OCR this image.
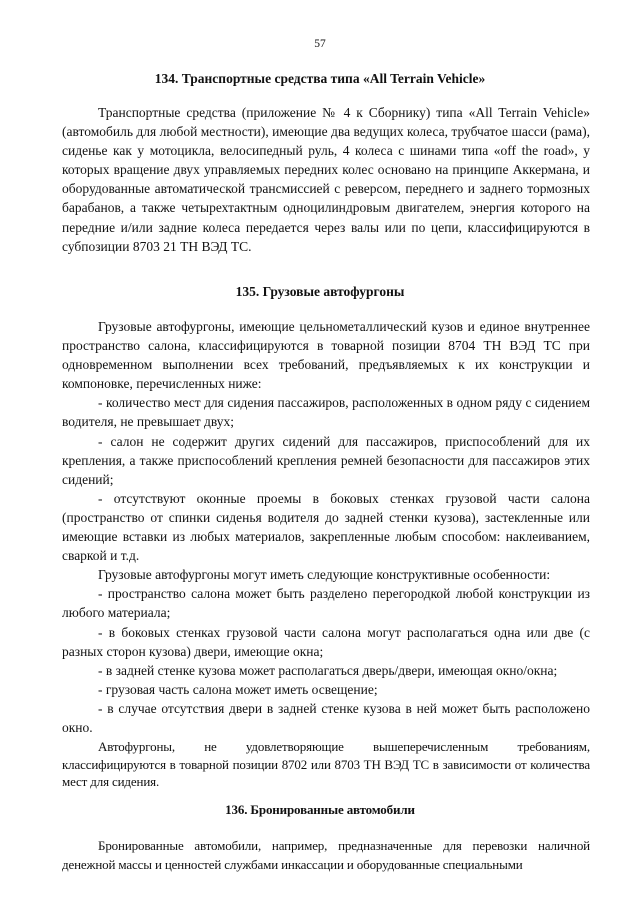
57
134. Транспортные средства типа «All Terrain Vehicle»

Транспортные средства (приложение № 4 к Сборнику) типа «All Terrain Vehicle» (автомобиль для любой местности), имеющие два ведущих колеса, трубчатое шасси (рама), сиденье как у мотоцикла, велосипедный руль, 4 колеса с шинами типа «off the road», у которых вращение двух управляемых передних колес основано на принципе Аккермана, и оборудованные автоматической трансмиссией с реверсом, переднего и заднего тормозных барабанов, а также четырехтактным одноцилиндровым двигателем, энергия которого на передние и/или задние колеса передается через валы или по цепи, классифицируются в субпозиции 8703 21 ТН ВЭД ТС.

135. Грузовые автофургоны

Грузовые автофургоны, имеющие цельнометаллический кузов и единое внутреннее пространство салона, классифицируются в товарной позиции 8704 ТН ВЭД ТС при одновременном выполнении всех требований, предъявляемых к их конструкции и компоновке, перечисленных ниже:

- количество мест для сидения пассажиров, расположенных в одном ряду с сидением водителя, не превышает двух;

- салон не содержит других сидений для пассажиров, приспособлений для их крепления, а также приспособлений крепления ремней безопасности для пассажиров этих сидений;

- отсутствуют оконные проемы в боковых стенках грузовой части салона (пространство от спинки сиденья водителя до задней стенки кузова), застекленные или имеющие вставки из любых материалов, закрепленные любым способом: наклеиванием, сваркой и т.д.

Грузовые автофургоны могут иметь следующие конструктивные особенности:

- пространство салона может быть разделено перегородкой любой конструкции из любого материала;

- в боковых стенках грузовой части салона могут располагаться одна или две (с разных сторон кузова) двери, имеющие окна;

- в задней стенке кузова может располагаться дверь/двери, имеющая окно/окна;

- грузовая часть салона может иметь освещение;

- в случае отсутствия двери в задней стенке кузова в ней может быть расположено окно.

Автофургоны, не удовлетворяющие вышеперечисленным требованиям, классифицируются в товарной позиции 8702 или 8703 ТН ВЭД ТС в зависимости от количества мест для сидения.

136. Бронированные автомобили

Бронированные автомобили, например, предназначенные для перевозки наличной денежной массы и ценностей службами инкассации и оборудованные специальными
